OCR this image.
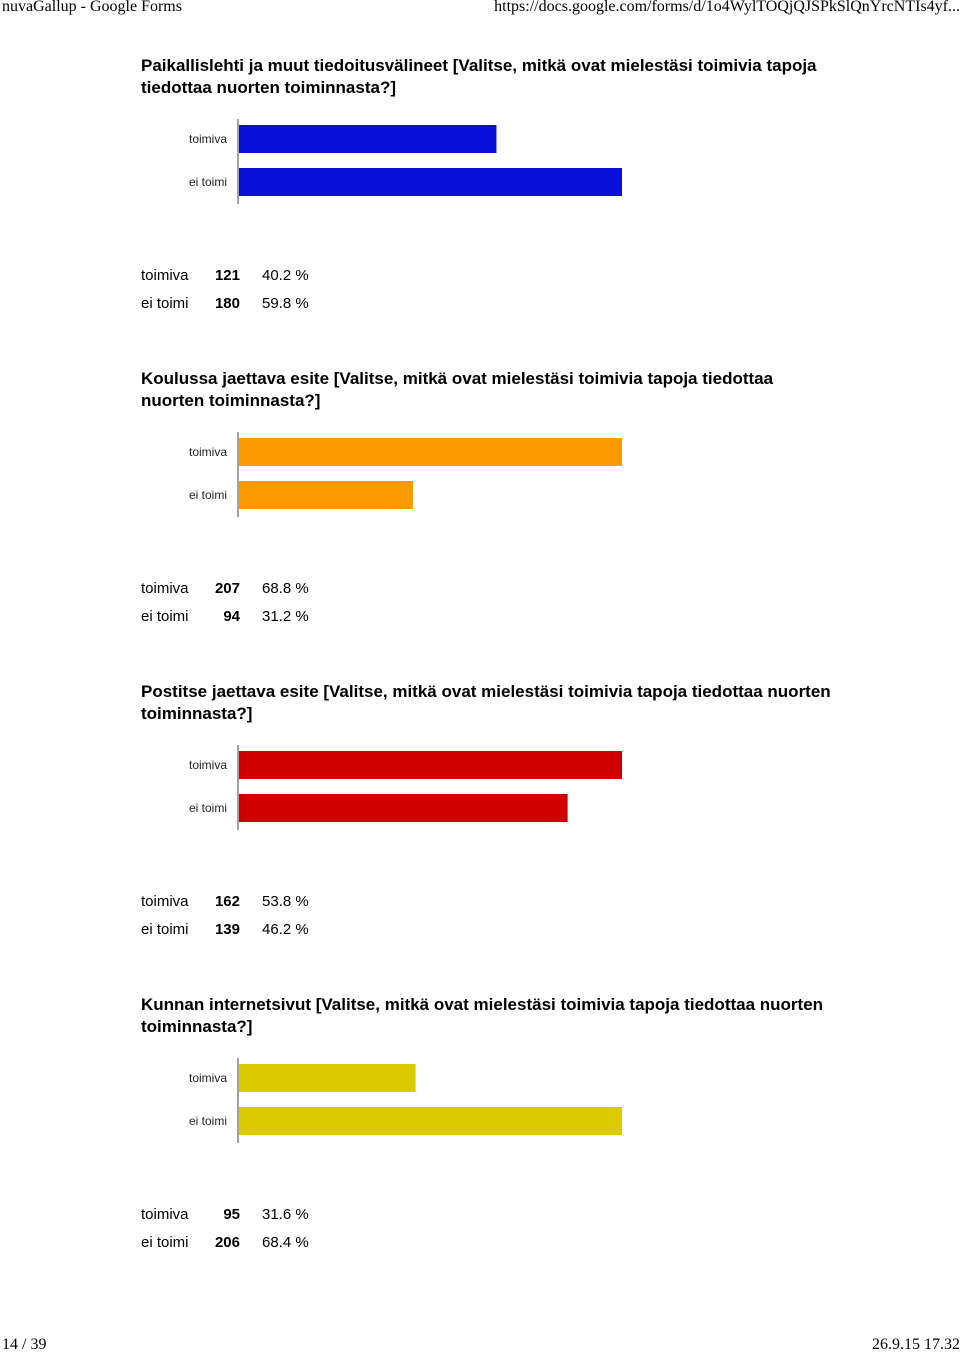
nuvaGallup - Google Forms	https://docs.google.com/forms/d/1o4WylTOQjQJSPkSlQnYrcNTIs4yf...

Paikallislehti ja muut tiedoitusvälineet [Valitse, mitkä ovat mielestäsi toimivia tapoja tiedottaa nuorten toiminnasta?]

toimiva
ei toimi
toimiva	121	40.2 %
ei toimi	180	59.8 %

Koulussa jaettava esite [Valitse, mitkä ovat mielestäsi toimivia tapoja tiedottaa nuorten toiminnasta?]

toimiva
ei toimi
toimiva	207	68.8 %
ei toimi	94	31.2 %

Postitse jaettava esite [Valitse, mitkä ovat mielestäsi toimivia tapoja tiedottaa nuorten toiminnasta?]

toimiva
ei toimi
toimiva	162	53.8 %
ei toimi	139	46.2 %

Kunnan internetsivut [Valitse, mitkä ovat mielestäsi toimivia tapoja tiedottaa nuorten toiminnasta?]

toimiva
ei toimi
toimiva	95	31.6 %
ei toimi	206	68.4 %
14 / 39	26.9.15 17.32
